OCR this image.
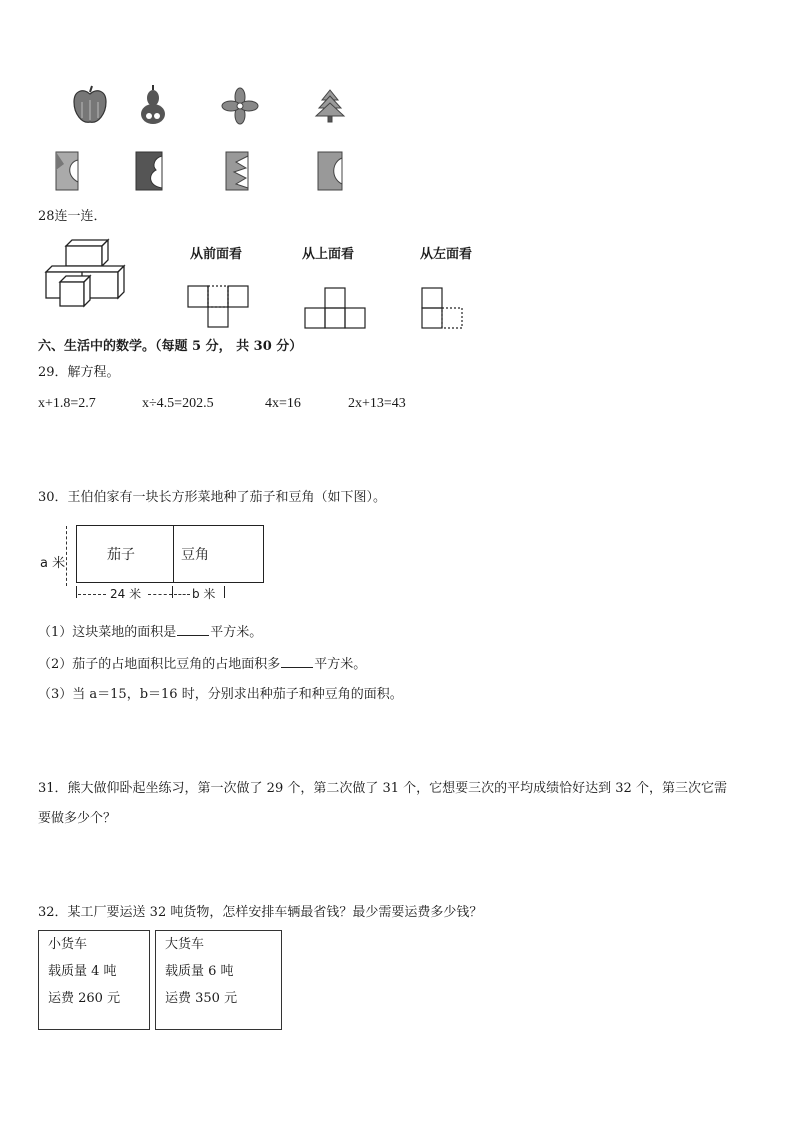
28连一连．
从前面看	从上面看	从左面看
六、生活中的数学。（每题 5 分， 共 30 分）
29．解方程。
x+1.8=2.7	x÷4.5=202.5	4x=16	2x+13=43
30．王伯伯家有一块长方形菜地种了茄子和豆角（如下图）。
a 米
茄子	豆角
24 米	b 米
（1）这块菜地的面积是	平方米。
（2）茄子的占地面积比豆角的占地面积多	平方米。
（3）当 a＝15，b＝16 时，分别求出种茄子和种豆角的面积。
31．熊大做仰卧起坐练习，第一次做了 29 个，第二次做了 31 个，它想要三次的平均成绩恰好达到 32 个，第三次它需
要做多少个？
32．某工厂要运送 32 吨货物，怎样安排车辆最省钱？最少需要运费多少钱？
小货车
载质量 4 吨
运费 260 元
大货车
载质量 6 吨
运费 350 元
